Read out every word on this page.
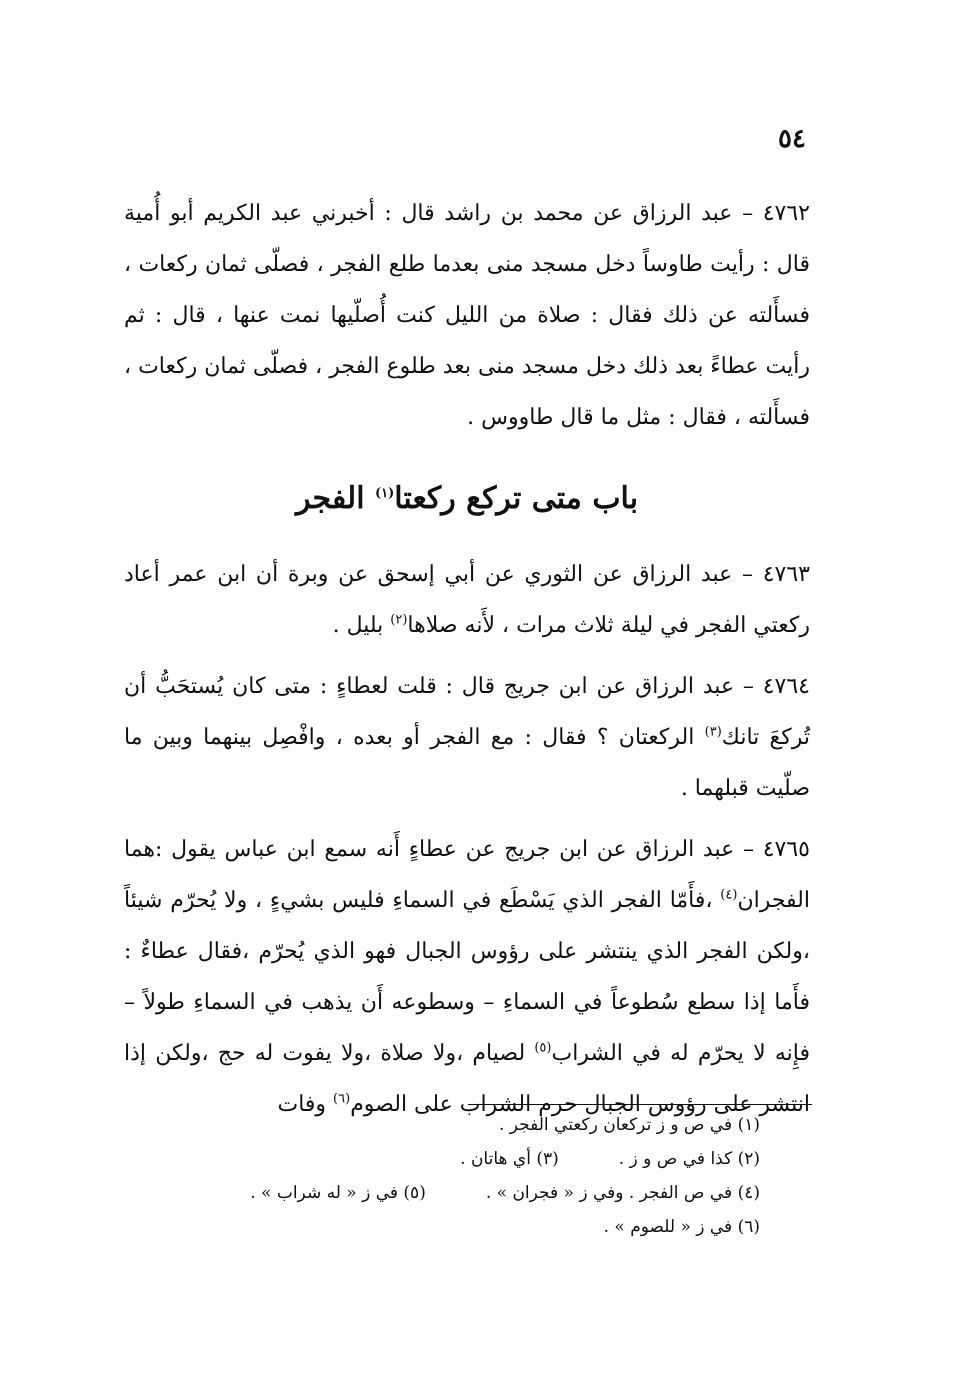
٥٤

٤٧٦٢ – عبد الرزاق عن محمد بن راشد قال : أخبرني عبد الكريم أبو أُمية قال : رأيت طاوساً دخل مسجد منى بعدما طلع الفجر ، فصلّى ثمان ركعات ، فسأَلته عن ذلك فقال : صلاة من الليل كنت أُصلّيها نمت عنها ، قال : ثم رأيت عطاءً بعد ذلك دخل مسجد منى بعد طلوع الفجر ، فصلّى ثمان ركعات ، فسأَلته ، فقال : مثل ما قال طاووس .

باب متى تركع ركعتا$^{(١)}$ الفجر

٤٧٦٣ – عبد الرزاق عن الثوري عن أبي إسحق عن وبرة أن ابن عمر أعاد ركعتي الفجر في ليلة ثلاث مرات ، لأَنه صلاها$^{(٢)}$ بليل .

٤٧٦٤ – عبد الرزاق عن ابن جريج قال : قلت لعطاءٍ : متى كان يُستحَبُّ أن تُركعَ تانك$^{(٣)}$ الركعتان ؟ فقال : مع الفجر أو بعده ، وافْصِل بينهما وبين ما صلّيت قبلهما .

٤٧٦٥ – عبد الرزاق عن ابن جريج عن عطاءٍ أَنه سمع ابن عباس يقول :هما الفجران$^{(٤)}$ ،فأَمّا الفجر الذي يَسْطَع في السماءِ فليس بشيءٍ ، ولا يُحرّم شيئاً ،ولكن الفجر الذي ينتشر على رؤوس الجبال فهو الذي يُحرّم ،فقال عطاءٌ : فأَما إذا سطع سُطوعاً في السماءِ – وسطوعه أَن يذهب في السماءِ طولاً – فإِنه لا يحرّم له في الشراب$^{(٥)}$ لصيام ،ولا صلاة ،ولا يفوت له حج ،ولكن إذا انتشر على رؤوس الجبال حرم الشراب على الصوم$^{(٦)}$ وفات

(١) في ص و ز تركعان ركعتي الفجر .
(٢) كذا في ص و ز .(٣) أي هاتان .
(٤) في ص الفجر . وفي ز « فجران » .(٥) في ز « له شراب » .
(٦) في ز « للصوم » .
